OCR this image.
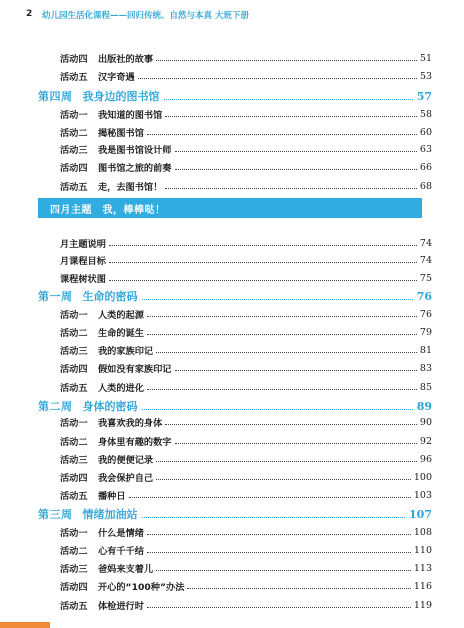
2 幼儿园生活化课程——回归传统、自然与本真 大班下册
四月主题　我，棒棒哒！
活动四 出版社的故事	51
活动五 汉字奇遇	53
第四周 我身边的图书馆	57
活动一 我知道的图书馆	58
活动二 揭秘图书馆	60
活动三 我是图书馆设计师	63
活动四 图书馆之旅的前奏	66
活动五 走，去图书馆！	68
月主题说明	74
月课程目标	74
课程树状图	75
第一周 生命的密码	76
活动一 人类的起源	76
活动二 生命的诞生	79
活动三 我的家族印记	81
活动四 假如没有家族印记	83
活动五 人类的进化	85
第二周 身体的密码	89
活动一 我喜欢我的身体	90
活动二 身体里有趣的数字	92
活动三 我的便便记录	96
活动四 我会保护自己	100
活动五 播种日	103
第三周 情绪加油站	107
活动一 什么是情绪	108
活动二 心有千千结	110
活动三 爸妈来支着儿	113
活动四 开心的“100种”办法	116
活动五 体检进行时	119
